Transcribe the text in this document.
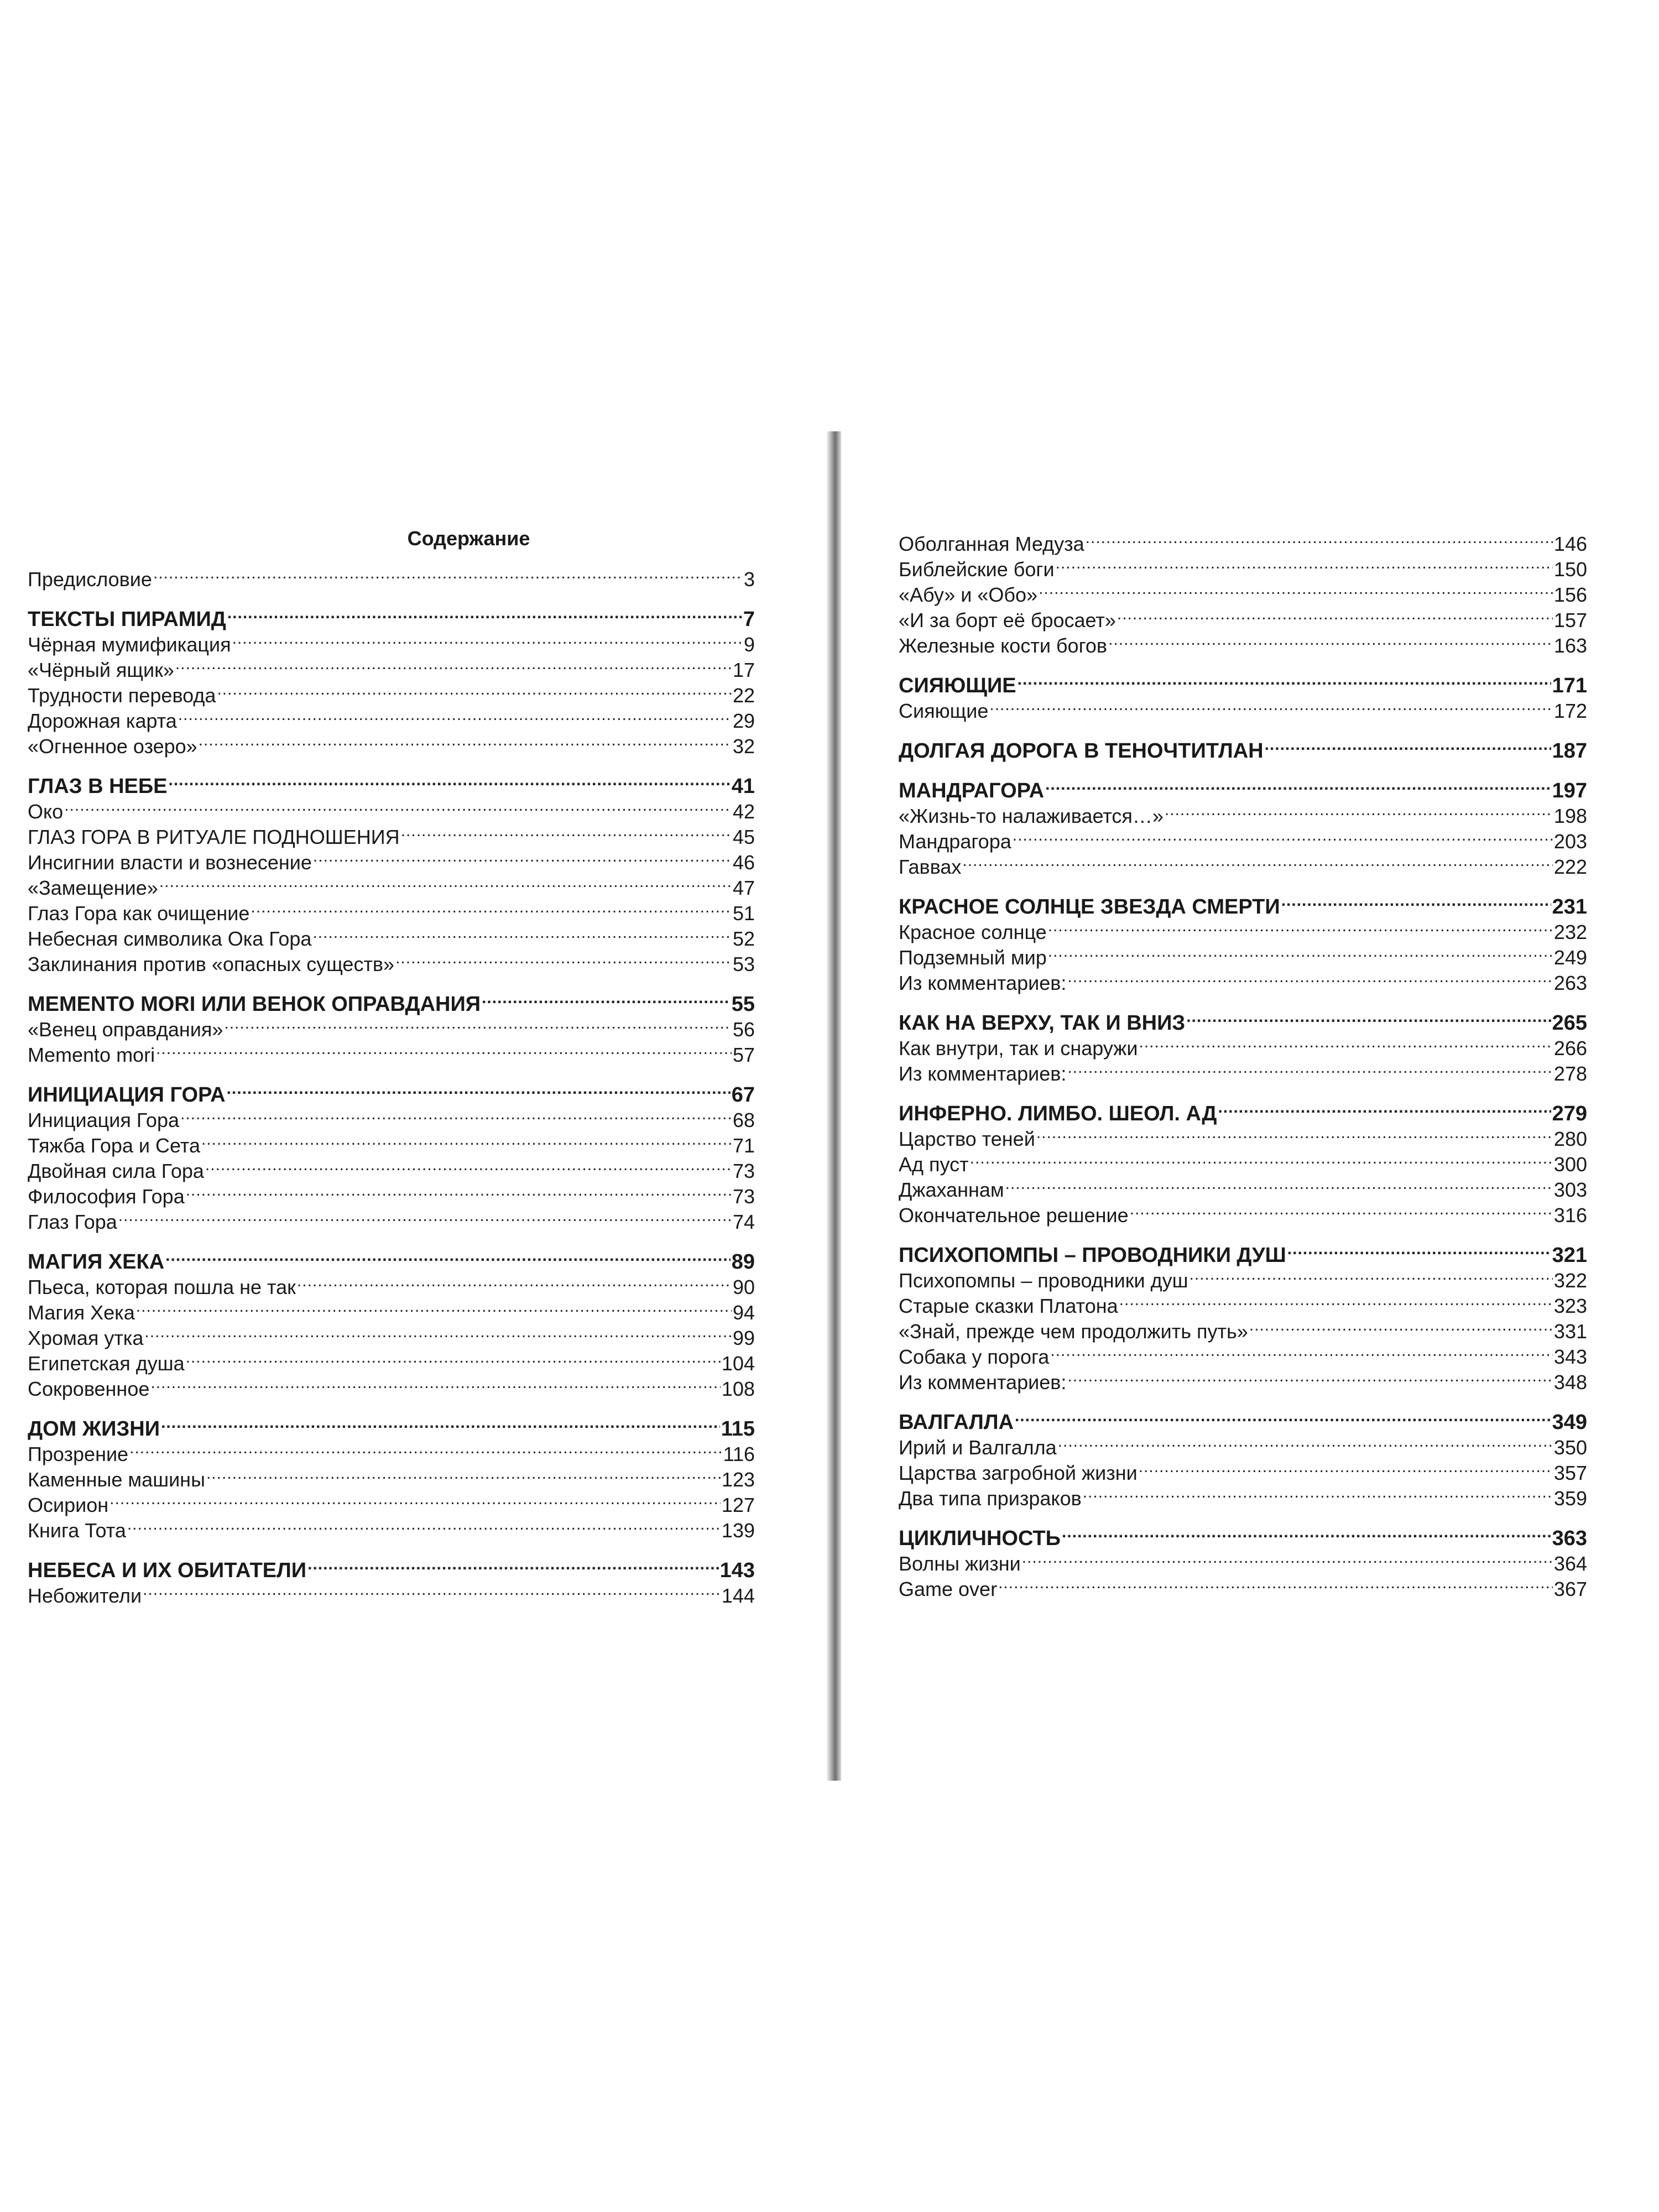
Содержание
Предисловие .....	3
ТЕКСТЫ ПИРАМИД .....	7
Чёрная мумификация .....	9
«Чёрный ящик» .....	17
Трудности перевода .....	22
Дорожная карта .....	29
«Огненное озеро» .....	32
ГЛАЗ В НЕБЕ .....	41
Око .....	42
ГЛАЗ ГОРА В РИТУАЛЕ ПОДНОШЕНИЯ .....	45
Инсигнии власти и вознесение .....	46
«Замещение» .....	47
Глаз Гора как очищение .....	51
Небесная символика Ока Гора .....	52
Заклинания против «опасных существ» .....	53
MEMENTO MORI ИЛИ ВЕНОК ОПРАВДАНИЯ .....	55
«Венец оправдания» .....	56
Memento mori .....	57
ИНИЦИАЦИЯ ГОРА .....	67
Инициация Гора .....	68
Тяжба Гора и Сета .....	71
Двойная сила Гора .....	73
Философия Гора .....	73
Глаз Гора .....	74
МАГИЯ ХЕКА .....	89
Пьеса, которая пошла не так .....	90
Магия Хека .....	94
Хромая утка .....	99
Египетская душа .....	104
Сокровенное .....	108
ДОМ ЖИЗНИ .....	115
Прозрение .....	116
Каменные машины .....	123
Осирион .....	127
Книга Тота .....	139
НЕБЕСА И ИХ ОБИТАТЕЛИ .....	143
Небожители .....	144
Оболганная Медуза .....	146
Библейские боги .....	150
«Абу» и «Обо» .....	156
«И за борт её бросает» .....	157
Железные кости богов .....	163
СИЯЮЩИЕ .....	171
Сияющие .....	172
ДОЛГАЯ ДОРОГА В ТЕНОЧТИТЛАН .....	187
МАНДРАГОРА .....	197
«Жизнь-то налаживается…» .....	198
Мандрагора .....	203
Гаввах .....	222
КРАСНОЕ СОЛНЦЕ ЗВЕЗДА СМЕРТИ .....	231
Красное солнце .....	232
Подземный мир .....	249
Из комментариев: .....	263
КАК НА ВЕРХУ, ТАК И ВНИЗ .....	265
Как внутри, так и снаружи .....	266
Из комментариев: .....	278
ИНФЕРНО. ЛИМБО. ШЕОЛ. АД .....	279
Царство теней .....	280
Ад пуст .....	300
Джаханнам .....	303
Окончательное решение .....	316
ПСИХОПОМПЫ – ПРОВОДНИКИ ДУШ .....	321
Психопомпы – проводники душ .....	322
Старые сказки Платона .....	323
«Знай, прежде чем продолжить путь» .....	331
Собака у порога .....	343
Из комментариев: .....	348
ВАЛГАЛЛА .....	349
Ирий и Валгалла .....	350
Царства загробной жизни .....	357
Два типа призраков .....	359
ЦИКЛИЧНОСТЬ .....	363
Волны жизни .....	364
Game over .....	367
